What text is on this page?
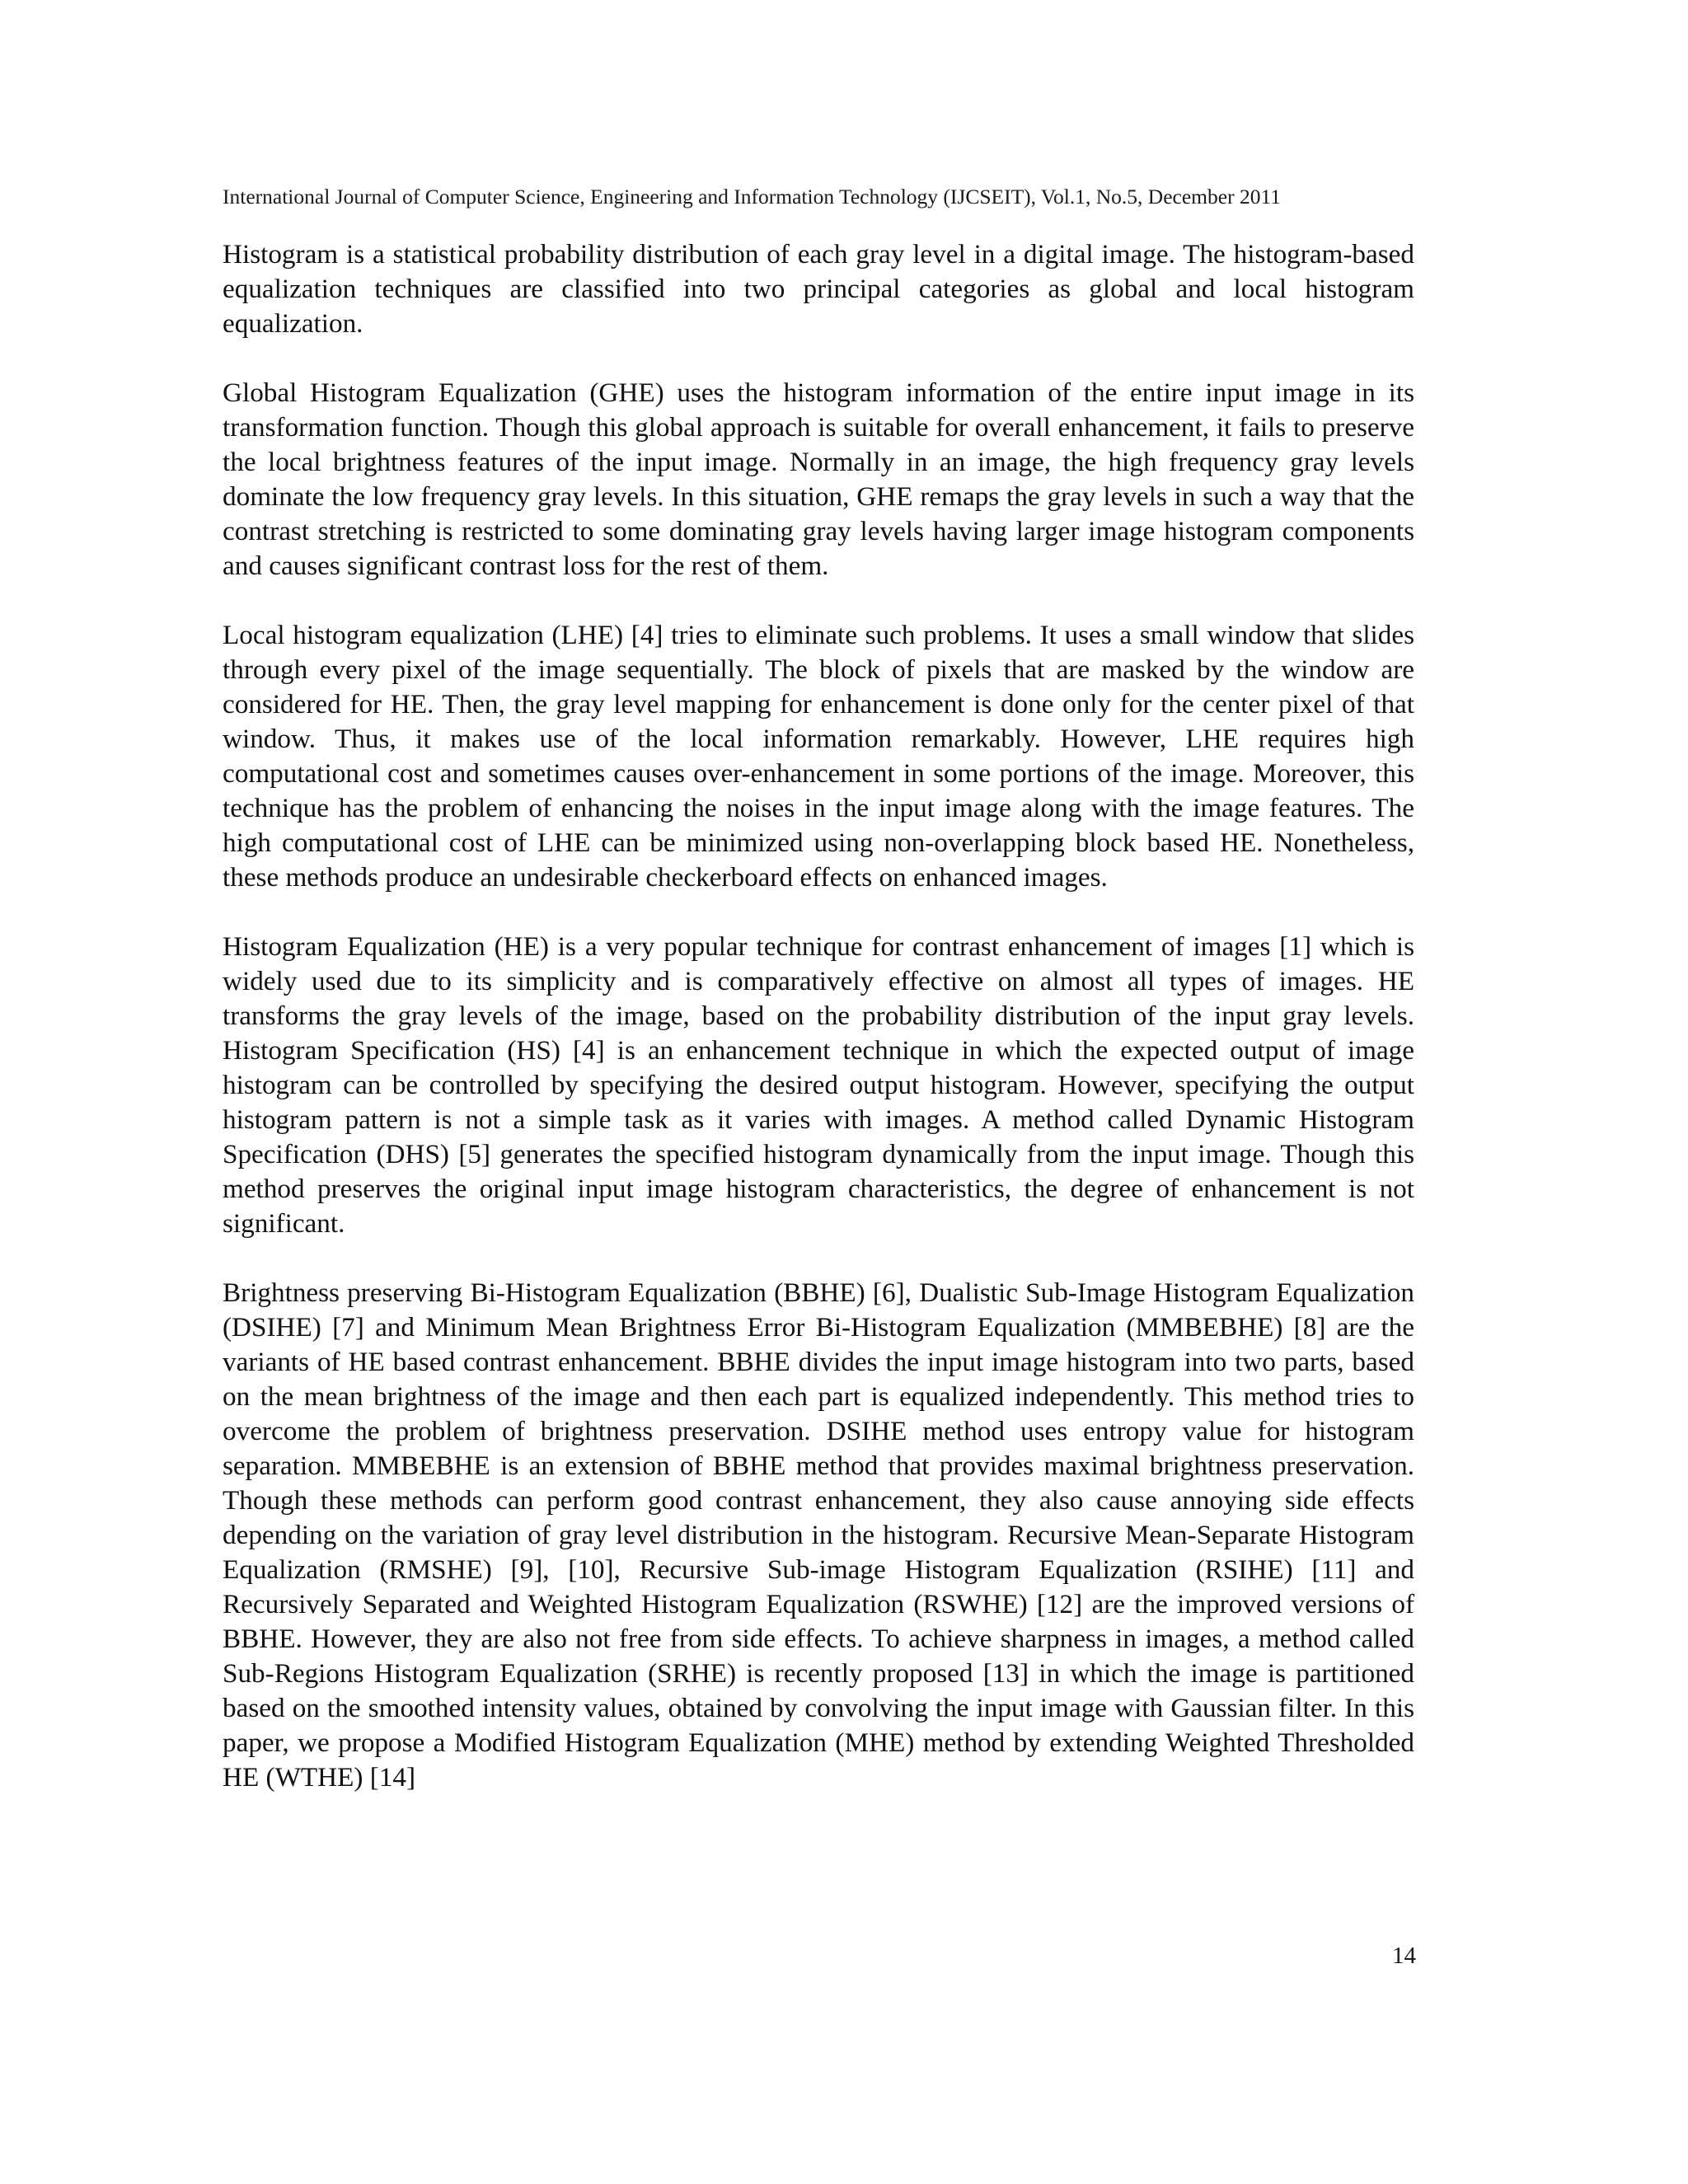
International Journal of Computer Science, Engineering and Information Technology (IJCSEIT), Vol.1, No.5, December 2011

Histogram is a statistical probability distribution of each gray level in a digital image. The histogram-based equalization techniques are classified into two principal categories as global and local histogram equalization.

Global Histogram Equalization (GHE) uses the histogram information of the entire input image in its transformation function. Though this global approach is suitable for overall enhancement, it fails to preserve the local brightness features of the input image. Normally in an image, the high frequency gray levels dominate the low frequency gray levels. In this situation, GHE remaps the gray levels in such a way that the contrast stretching is restricted to some dominating gray levels having larger image histogram components and causes significant contrast loss for the rest of them.

Local histogram equalization (LHE) [4] tries to eliminate such problems. It uses a small window that slides through every pixel of the image sequentially. The block of pixels that are masked by the window are considered for HE. Then, the gray level mapping for enhancement is done only for the center pixel of that window. Thus, it makes use of the local information remarkably. However, LHE requires high computational cost and sometimes causes over-enhancement in some portions of the image. Moreover, this technique has the problem of enhancing the noises in the input image along with the image features. The high computational cost of LHE can be minimized using non-overlapping block based HE. Nonetheless, these methods produce an undesirable checkerboard effects on enhanced images.

Histogram Equalization (HE) is a very popular technique for contrast enhancement of images [1] which is widely used due to its simplicity and is comparatively effective on almost all types of images. HE transforms the gray levels of the image, based on the probability distribution of the input gray levels. Histogram Specification (HS) [4] is an enhancement technique in which the expected output of image histogram can be controlled by specifying the desired output histogram. However, specifying the output histogram pattern is not a simple task as it varies with images. A method called Dynamic Histogram Specification (DHS) [5] generates the specified histogram dynamically from the input image. Though this method preserves the original input image histogram characteristics, the degree of enhancement is not significant.

Brightness preserving Bi-Histogram Equalization (BBHE) [6], Dualistic Sub-Image Histogram Equalization (DSIHE) [7] and Minimum Mean Brightness Error Bi-Histogram Equalization (MMBEBHE) [8] are the variants of HE based contrast enhancement. BBHE divides the input image histogram into two parts, based on the mean brightness of the image and then each part is equalized independently. This method tries to overcome the problem of brightness preservation. DSIHE method uses entropy value for histogram separation. MMBEBHE is an extension of BBHE method that provides maximal brightness preservation. Though these methods can perform good contrast enhancement, they also cause annoying side effects depending on the variation of gray level distribution in the histogram. Recursive Mean-Separate Histogram Equalization (RMSHE) [9], [10], Recursive Sub-image Histogram Equalization (RSIHE) [11] and Recursively Separated and Weighted Histogram Equalization (RSWHE) [12] are the improved versions of BBHE. However, they are also not free from side effects. To achieve sharpness in images, a method called Sub-Regions Histogram Equalization (SRHE) is recently proposed [13] in which the image is partitioned based on the smoothed intensity values, obtained by convolving the input image with Gaussian filter. In this paper, we propose a Modified Histogram Equalization (MHE) method by extending Weighted Thresholded HE (WTHE) [14]

14
